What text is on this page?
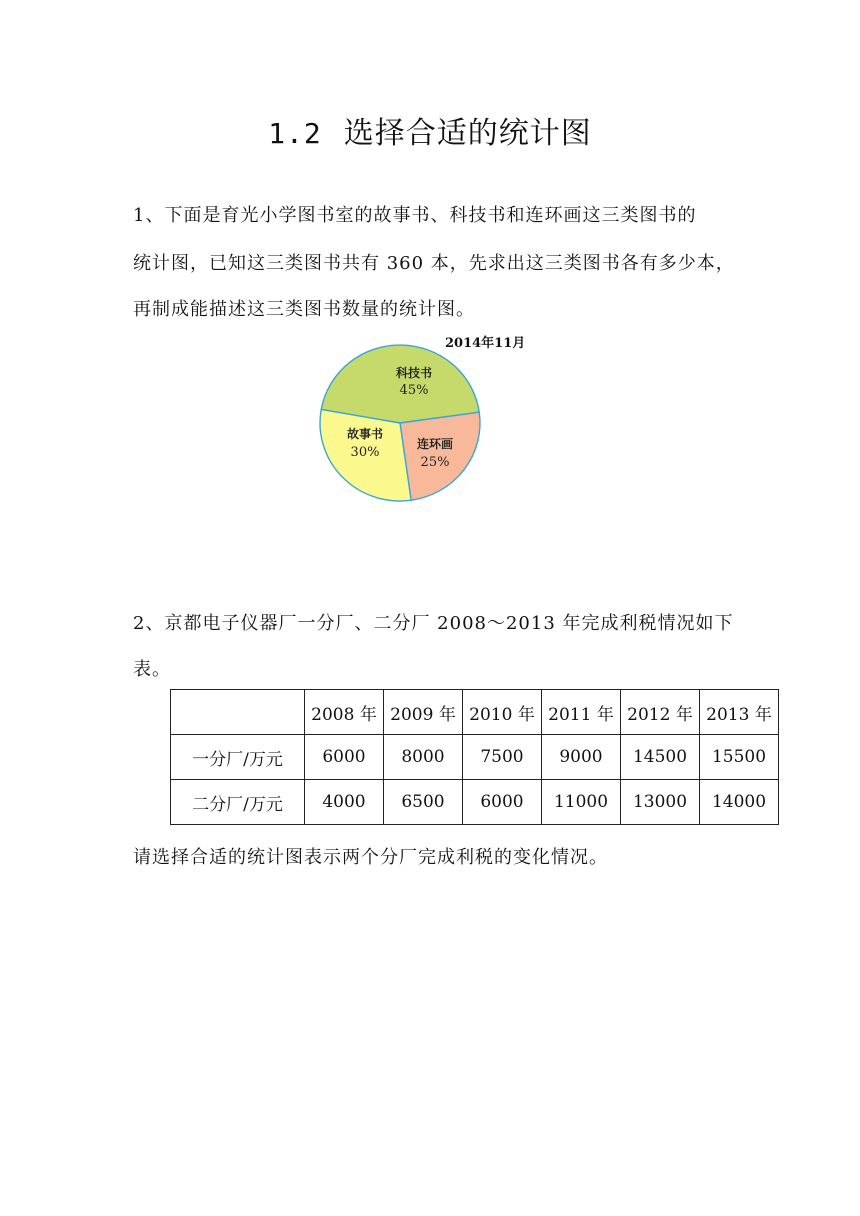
1.2 选择合适的统计图
1、下面是育光小学图书室的故事书、科技书和连环画这三类图书的
统计图，已知这三类图书共有 360 本，先求出这三类图书各有多少本，
再制成能描述这三类图书数量的统计图。
2014年11月
科技书
45%
连环画
25%
故事书
30%
2、京都电子仪器厂一分厂、二分厂 2008～2013 年完成利税情况如下
表。
	2008 年	2009 年	2010 年	2011 年	2012 年	2013 年
一分厂/万元	6000	8000	7500	9000	14500	15500
二分厂/万元	4000	6500	6000	11000	13000	14000
请选择合适的统计图表示两个分厂完成利税的变化情况。
